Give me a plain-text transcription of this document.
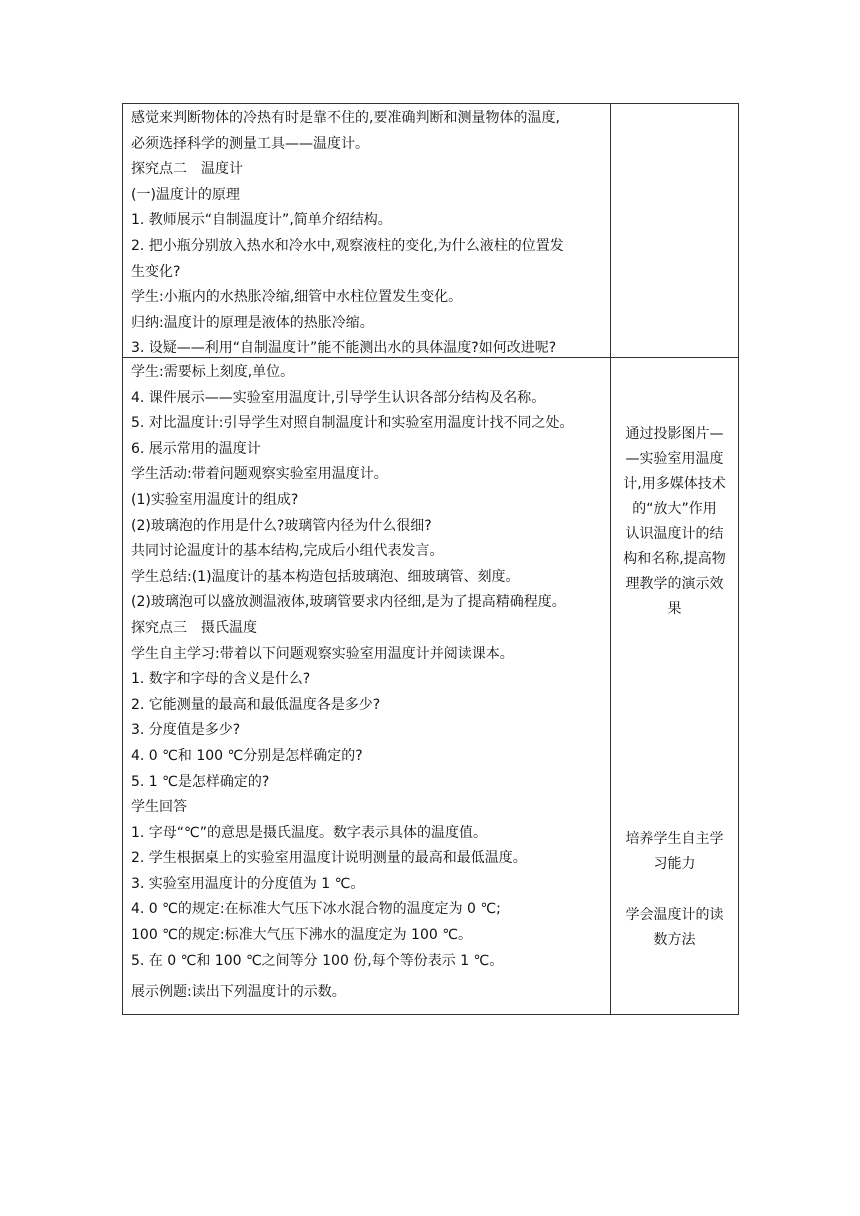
感觉来判断物体的冷热有时是靠不住的,要准确判断和测量物体的温度,
必须选择科学的测量工具——温度计。
探究点二　温度计
(一)温度计的原理
1. 教师展示“自制温度计”,简单介绍结构。
2. 把小瓶分别放入热水和冷水中,观察液柱的变化,为什么液柱的位置发
生变化?
学生:小瓶内的水热胀冷缩,细管中水柱位置发生变化。
归纳:温度计的原理是液体的热胀冷缩。
3. 设疑——利用“自制温度计”能不能测出水的具体温度?如何改进呢?
学生:需要标上刻度,单位。
4. 课件展示——实验室用温度计,引导学生认识各部分结构及名称。
5. 对比温度计:引导学生对照自制温度计和实验室用温度计找不同之处。
6. 展示常用的温度计
学生活动:带着问题观察实验室用温度计。
(1)实验室用温度计的组成?
(2)玻璃泡的作用是什么?玻璃管内径为什么很细?
共同讨论温度计的基本结构,完成后小组代表发言。
学生总结:(1)温度计的基本构造包括玻璃泡、细玻璃管、刻度。
(2)玻璃泡可以盛放测温液体,玻璃管要求内径细,是为了提高精确程度。
探究点三　摄氏温度
学生自主学习:带着以下问题观察实验室用温度计并阅读课本。
1. 数字和字母的含义是什么?
2. 它能测量的最高和最低温度各是多少?
3. 分度值是多少?
4. 0 ℃和 100 ℃分别是怎样确定的?
5. 1 ℃是怎样确定的?
学生回答
1. 字母“℃”的意思是摄氏温度。数字表示具体的温度值。
2. 学生根据桌上的实验室用温度计说明测量的最高和最低温度。
3. 实验室用温度计的分度值为 1 ℃。
4. 0 ℃的规定:在标准大气压下冰水混合物的温度定为 0 ℃;
100 ℃的规定:标准大气压下沸水的温度定为 100 ℃。
5. 在 0 ℃和 100 ℃之间等分 100 份,每个等份表示 1 ℃。
展示例题:读出下列温度计的示数。
通过投影图片—
—实验室用温度
计,用多媒体技术
的“放大”作用
认识温度计的结
构和名称,提高物
理教学的演示效
果
培养学生自主学
习能力
学会温度计的读
数方法
